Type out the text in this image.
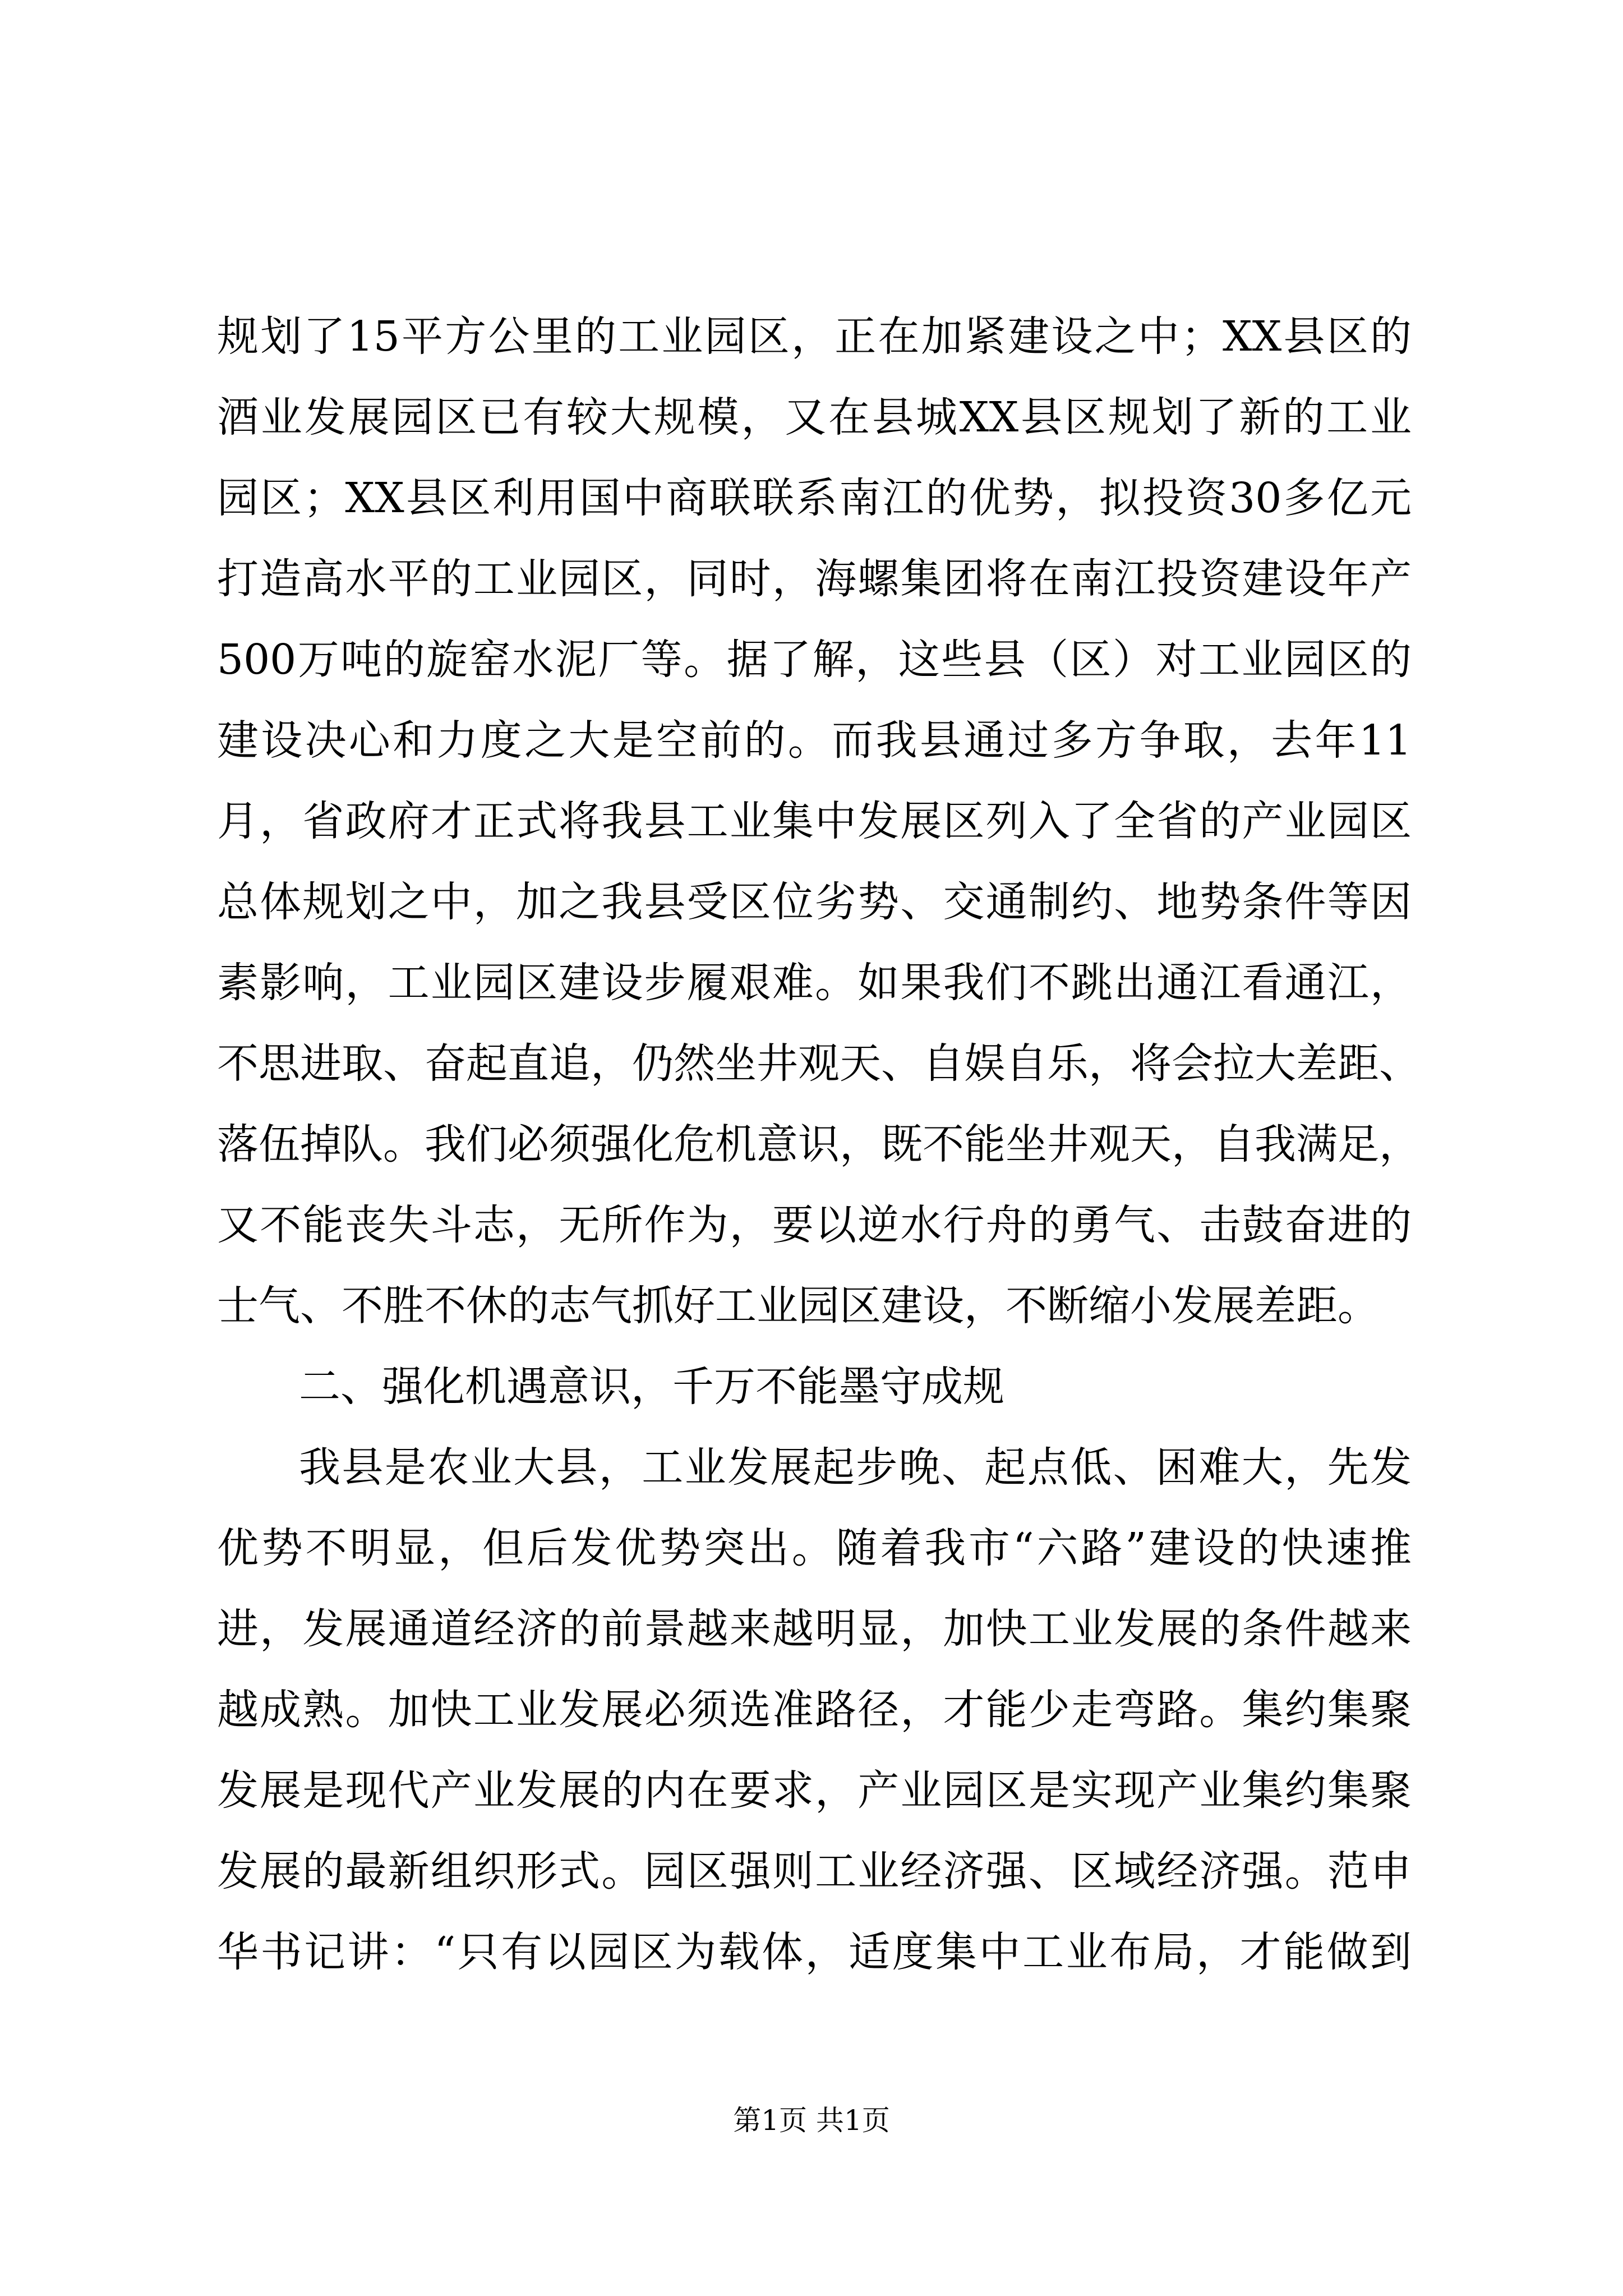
规划了15平方公里的工业园区，正在加紧建设之中；XX县区的
酒业发展园区已有较大规模，又在县城XX县区规划了新的工业
园区；XX县区利用国中商联联系南江的优势，拟投资30多亿元
打造高水平的工业园区，同时，海螺集团将在南江投资建设年产
500万吨的旋窑水泥厂等。据了解，这些县（区）对工业园区的
建设决心和力度之大是空前的。而我县通过多方争取，去年11
月，省政府才正式将我县工业集中发展区列入了全省的产业园区
总体规划之中，加之我县受区位劣势、交通制约、地势条件等因
素影响，工业园区建设步履艰难。如果我们不跳出通江看通江，
不思进取、奋起直追，仍然坐井观天、自娱自乐，将会拉大差距、
落伍掉队。我们必须强化危机意识，既不能坐井观天，自我满足，
又不能丧失斗志，无所作为，要以逆水行舟的勇气、击鼓奋进的
士气、不胜不休的志气抓好工业园区建设，不断缩小发展差距。
二、强化机遇意识，千万不能墨守成规
我县是农业大县，工业发展起步晚、起点低、困难大，先发
优势不明显，但后发优势突出。随着我市“六路”建设的快速推
进，发展通道经济的前景越来越明显，加快工业发展的条件越来
越成熟。加快工业发展必须选准路径，才能少走弯路。集约集聚
发展是现代产业发展的内在要求，产业园区是实现产业集约集聚
发展的最新组织形式。园区强则工业经济强、区域经济强。范申
华书记讲：“只有以园区为载体，适度集中工业布局，才能做到
第1页 共1页
